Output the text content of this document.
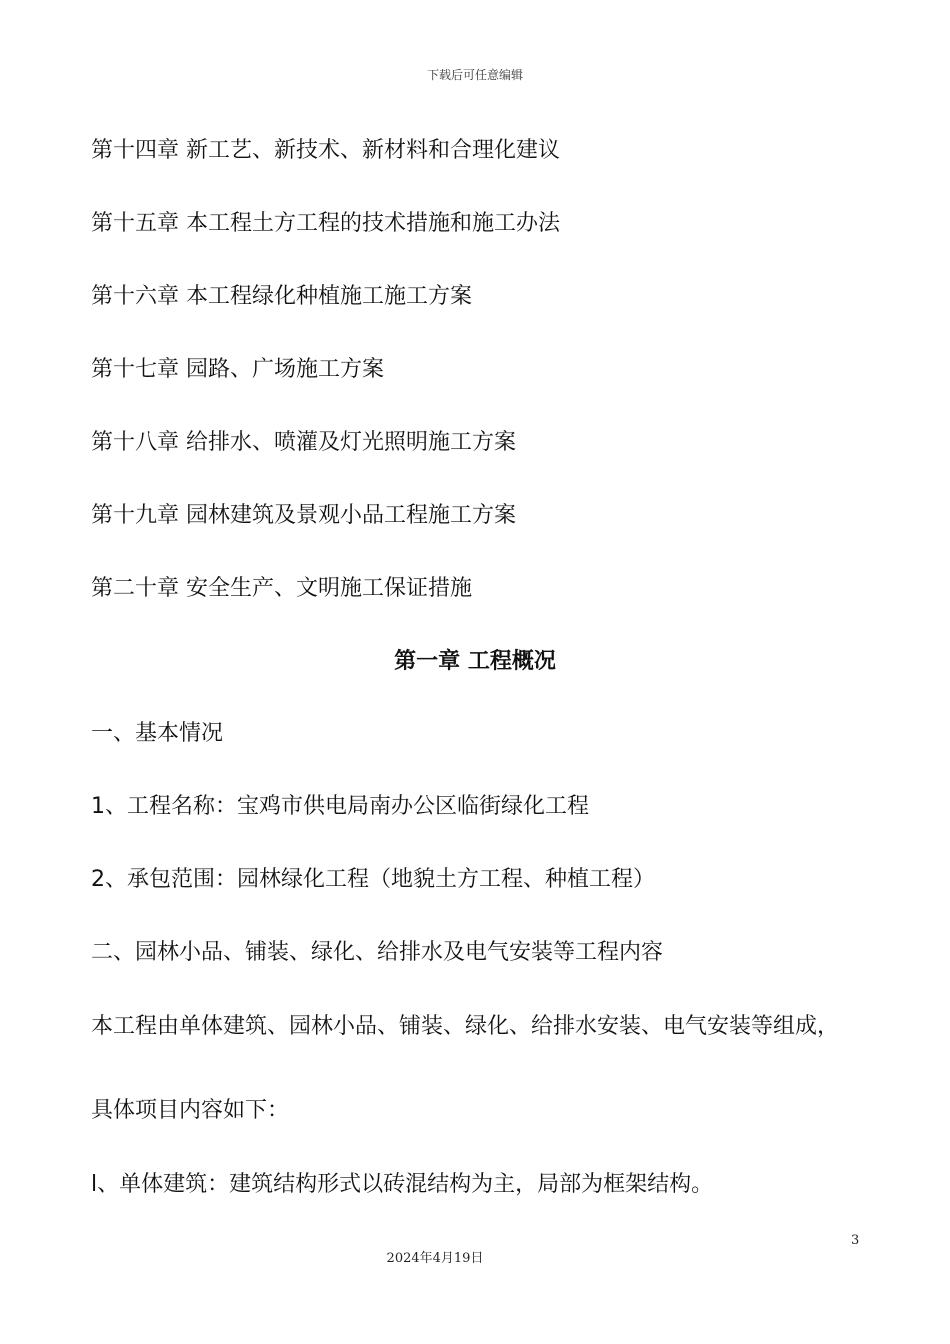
下载后可任意编辑
第十四章 新工艺、新技术、新材料和合理化建议
第十五章 本工程土方工程的技术措施和施工办法
第十六章 本工程绿化种植施工施工方案
第十七章 园路、广场施工方案
第十八章 给排水、喷灌及灯光照明施工方案
第十九章 园林建筑及景观小品工程施工方案
第二十章 安全生产、文明施工保证措施
第一章 工程概况
一、基本情况
1、工程名称：宝鸡市供电局南办公区临街绿化工程
2、承包范围：园林绿化工程（地貌土方工程、种植工程）
二、园林小品、铺装、绿化、给排水及电气安装等工程内容
本工程由单体建筑、园林小品、铺装、绿化、给排水安装、电气安装等组成，
具体项目内容如下：
l、单体建筑：建筑结构形式以砖混结构为主，局部为框架结构。
3
2024年4月19日
